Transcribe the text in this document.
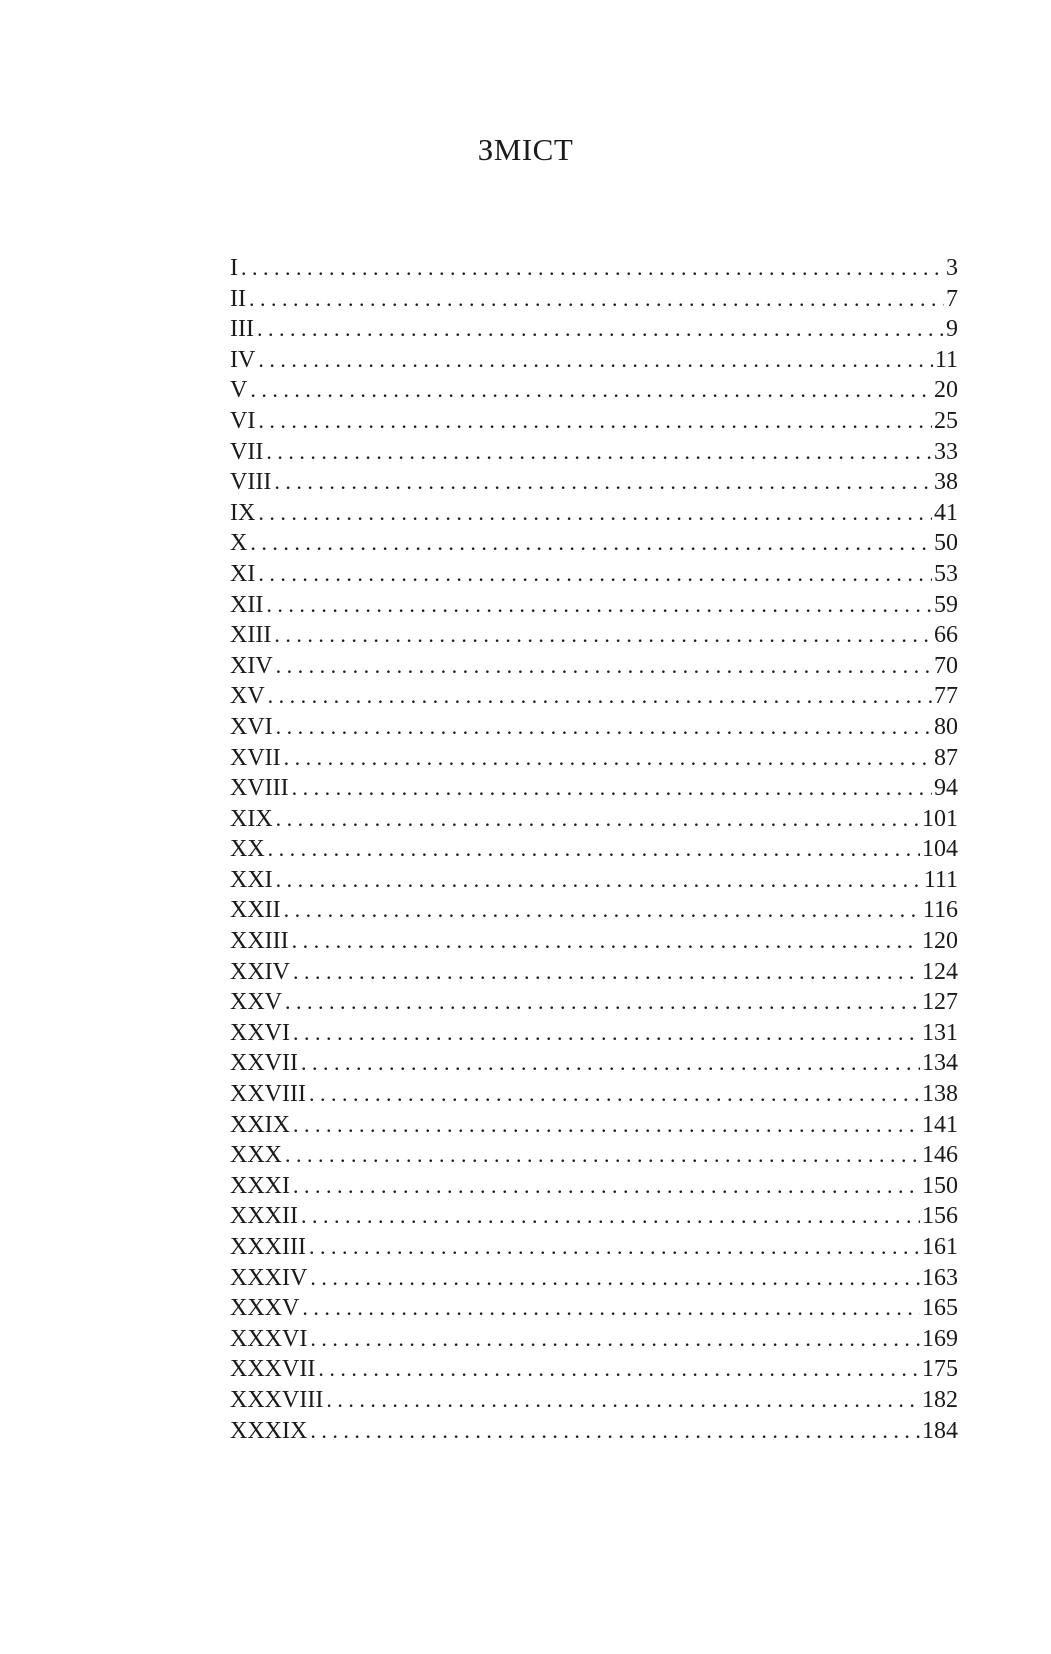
ЗМІСТ
I . . .	3
II . . .	7
III . . .	9
IV . . .	11
V . . .	20
VI . . .	25
VII . . .	33
VIII . . .	38
IX . . .	41
X . . .	50
XI . . .	53
XII . . .	59
XIII . . .	66
XIV . . .	70
XV . . .	77
XVI . . .	80
XVII . . .	87
XVIII . . .	94
XIX . . .	101
XX . . .	104
XXI . . .	111
XXII . . .	116
XXIII . . .	120
XXIV . . .	124
XXV . . .	127
XXVI . . .	131
XXVII . . .	134
XXVIII . . .	138
XXIX . . .	141
XXX . . .	146
XXXI . . .	150
XXXII . . .	156
XXXIII . . .	161
XXXIV . . .	163
XXXV . . .	165
XXXVI . . .	169
XXXVII . . .	175
XXXVIII . . .	182
XXXIX . . .	184
